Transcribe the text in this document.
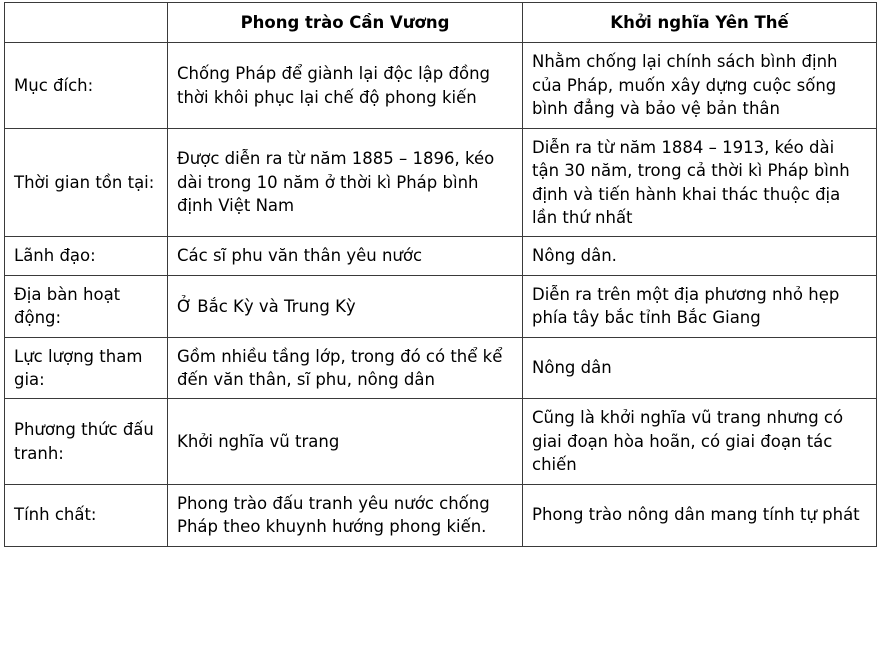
	Phong trào Cần Vương	Khởi nghĩa Yên Thế
Mục đích:	Chống Pháp để giành lại độc lập đồng thời khôi phục lại chế độ phong kiến	Nhằm chống lại chính sách bình định của Pháp, muốn xây dựng cuộc sống bình đẳng và bảo vệ bản thân
Thời gian tồn tại:	Được diễn ra từ năm 1885 – 1896, kéo dài trong 10 năm ở thời kì Pháp bình định Việt Nam	Diễn ra từ năm 1884 – 1913, kéo dài tận 30 năm, trong cả thời kì Pháp bình định và tiến hành khai thác thuộc địa lần thứ nhất
Lãnh đạo:	Các sĩ phu văn thân yêu nước	Nông dân.
Địa bàn hoạt động:	Ở Bắc Kỳ và Trung Kỳ	Diễn ra trên một địa phương nhỏ hẹp phía tây bắc tỉnh Bắc Giang
Lực lượng tham gia:	Gồm nhiều tầng lớp, trong đó có thể kể đến văn thân, sĩ phu, nông dân	Nông dân
Phương thức đấu tranh:	Khởi nghĩa vũ trang	Cũng là khởi nghĩa vũ trang nhưng có giai đoạn hòa hoãn, có giai đoạn tác chiến
Tính chất:	Phong trào đấu tranh yêu nước chống Pháp theo khuynh hướng phong kiến.	Phong trào nông dân mang tính tự phát
